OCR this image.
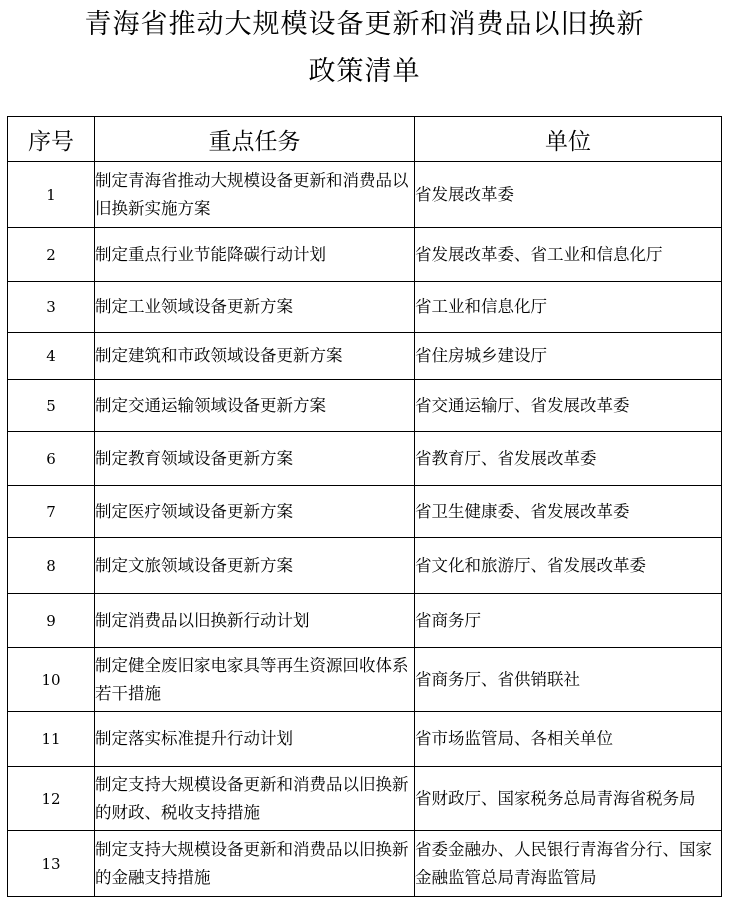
青海省推动大规模设备更新和消费品以旧换新
政策清单
序号	重点任务	单位
1	制定青海省推动大规模设备更新和消费品以旧换新实施方案	省发展改革委
2	制定重点行业节能降碳行动计划	省发展改革委、省工业和信息化厅
3	制定工业领域设备更新方案	省工业和信息化厅
4	制定建筑和市政领域设备更新方案	省住房城乡建设厅
5	制定交通运输领域设备更新方案	省交通运输厅、省发展改革委
6	制定教育领域设备更新方案	省教育厅、省发展改革委
7	制定医疗领域设备更新方案	省卫生健康委、省发展改革委
8	制定文旅领域设备更新方案	省文化和旅游厅、省发展改革委
9	制定消费品以旧换新行动计划	省商务厅
10	制定健全废旧家电家具等再生资源回收体系若干措施	省商务厅、省供销联社
11	制定落实标准提升行动计划	省市场监管局、各相关单位
12	制定支持大规模设备更新和消费品以旧换新的财政、税收支持措施	省财政厅、国家税务总局青海省税务局
13	制定支持大规模设备更新和消费品以旧换新的金融支持措施	省委金融办、人民银行青海省分行、国家金融监管总局青海监管局
